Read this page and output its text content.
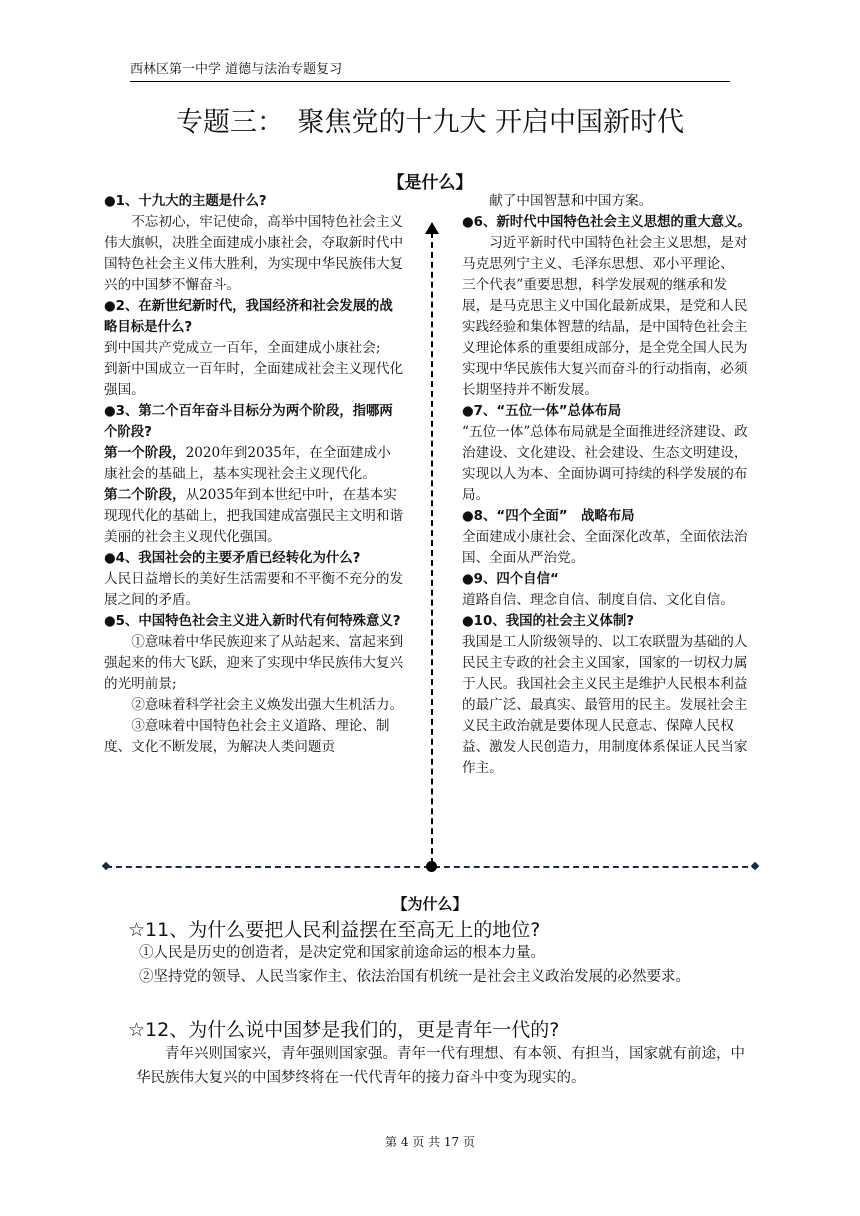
西林区第一中学 道德与法治专题复习
专题三：　聚焦党的十九大 开启中国新时代
【是什么】

●1、十九大的主题是什么?

不忘初心，牢记使命，高举中国特色社会主义伟大旗帜，决胜全面建成小康社会，夺取新时代中国特色社会主义伟大胜利，为实现中华民族伟大复兴的中国梦不懈奋斗。

●2、在新世纪新时代，我国经济和社会发展的战略目标是什么?

到中国共产党成立一百年，全面建成小康社会;

到新中国成立一百年时，全面建成社会主义现代化强国。

●3、第二个百年奋斗目标分为两个阶段，指哪两个阶段?

第一个阶段，2020年到2035年，在全面建成小康社会的基础上，基本实现社会主义现代化。

第二个阶段，从2035年到本世纪中叶，在基本实现现代化的基础上，把我国建成富强民主文明和谐美丽的社会主义现代化强国。

●4、我国社会的主要矛盾已经转化为什么?

人民日益增长的美好生活需要和不平衡不充分的发展之间的矛盾。

●5、中国特色社会主义进入新时代有何特殊意义?

①意味着中华民族迎来了从站起来、富起来到强起来的伟大飞跃，迎来了实现中华民族伟大复兴的光明前景;

②意味着科学社会主义焕发出强大生机活力。

③意味着中国特色社会主义道路、理论、制度、文化不断发展，为解决人类问题贡

献了中国智慧和中国方案。

●6、新时代中国特色社会主义思想的重大意义。

习近平新时代中国特色社会主义思想，是对马克思列宁主义、毛泽东思想、邓小平理论、　三个代表”重要思想，科学发展观的继承和发展，是马克思主义中国化最新成果，是党和人民实践经验和集体智慧的结晶，是中国特色社会主义理论体系的重要组成部分，是全党全国人民为实现中华民族伟大复兴而奋斗的行动指南，必须长期坚持并不断发展。

●7、“五位一体”总体布局

“五位一体”总体布局就是全面推进经济建设、政治建设、文化建设、社会建设、生态文明建设，实现以人为本、全面协调可持续的科学发展的布局。

●8、“四个全面”　战略布局

全面建成小康社会、全面深化改革，全面依法治国、全面从严治党。

●9、四个自信“

道路自信、理念自信、制度自信、文化自信。

●10、我国的社会主义体制?

我国是工人阶级领导的、以工农联盟为基础的人民民主专政的社会主义国家，国家的一切权力属于人民。我国社会主义民主是维护人民根本利益的最广泛、最真实、最管用的民主。发展社会主义民主政治就是要体现人民意志、保障人民权益、激发人民创造力，用制度体系保证人民当家作主。

【为什么】
☆11、为什么要把人民利益摆在至高无上的地位?

①人民是历史的创造者，是决定党和国家前途命运的根本力量。

②坚持党的领导、人民当家作主、依法治国有机统一是社会主义政治发展的必然要求。

☆12、为什么说中国梦是我们的，更是青年一代的?

青年兴则国家兴，青年强则国家强。青年一代有理想、有本领、有担当，国家就有前途，中华民族伟大复兴的中国梦终将在一代代青年的接力奋斗中变为现实的。

第 4 页 共 17 页
